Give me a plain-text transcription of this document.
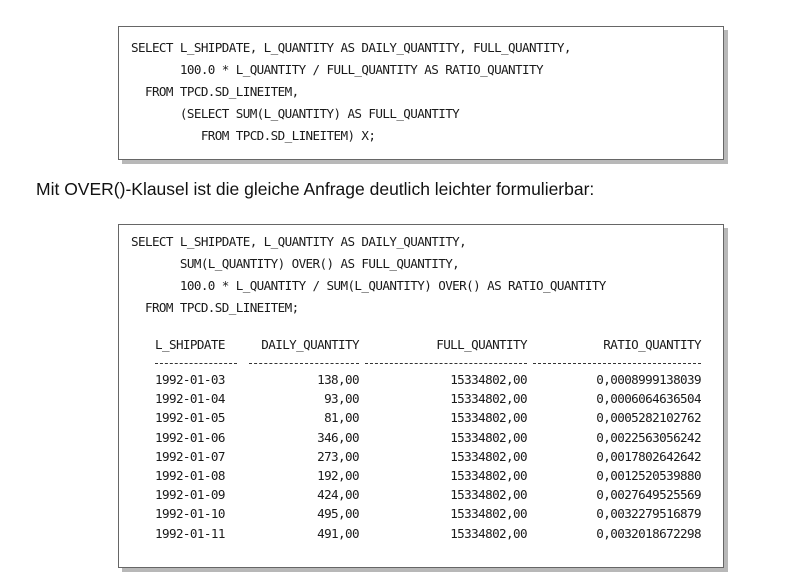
SELECT L_SHIPDATE, L_QUANTITY AS DAILY_QUANTITY, FULL_QUANTITY,
100.0 * L_QUANTITY / FULL_QUANTITY AS RATIO_QUANTITY
FROM TPCD.SD_LINEITEM,
(SELECT SUM(L_QUANTITY) AS FULL_QUANTITY
FROM TPCD.SD_LINEITEM) X;

Mit OVER()-Klausel ist die gleiche Anfrage deutlich leichter formulierbar:

SELECT L_SHIPDATE, L_QUANTITY AS DAILY_QUANTITY,
SUM(L_QUANTITY) OVER() AS FULL_QUANTITY,
100.0 * L_QUANTITY / SUM(L_QUANTITY) OVER() AS RATIO_QUANTITY
FROM TPCD.SD_LINEITEM;
L_SHIPDATE	DAILY_QUANTITY	FULL_QUANTITY	RATIO_QUANTITY

1992-01-03	138,00	15334802,00	0,0008999138039
1992-01-04	93,00	15334802,00	0,0006064636504
1992-01-05	81,00	15334802,00	0,0005282102762
1992-01-06	346,00	15334802,00	0,0022563056242
1992-01-07	273,00	15334802,00	0,0017802642642
1992-01-08	192,00	15334802,00	0,0012520539880
1992-01-09	424,00	15334802,00	0,0027649525569
1992-01-10	495,00	15334802,00	0,0032279516879
1992-01-11	491,00	15334802,00	0,0032018672298
